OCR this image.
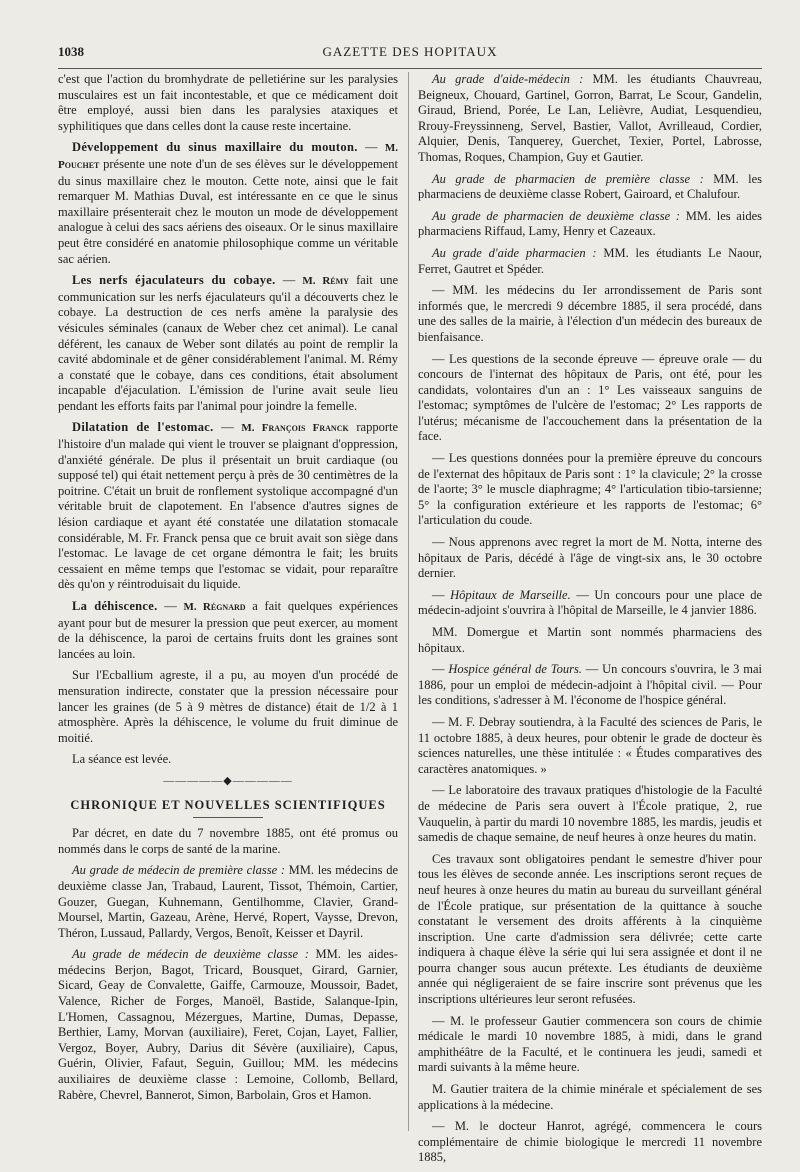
1038	GAZETTE DES HOPITAUX

c'est que l'action du bromhydrate de pelletiérine sur les paralysies musculaires est un fait incontestable, et que ce médicament doit être employé, aussi bien dans les paralysies ataxiques et syphilitiques que dans celles dont la cause reste incertaine.

Développement du sinus maxillaire du mouton. — M. Pouchet présente une note d'un de ses élèves sur le développement du sinus maxillaire chez le mouton. Cette note, ainsi que le fait remarquer M. Mathias Duval, est intéressante en ce que le sinus maxillaire présenterait chez le mouton un mode de développement analogue à celui des sacs aériens des oiseaux. Or le sinus maxillaire peut être considéré en anatomie philosophique comme un véritable sac aérien.

Les nerfs éjaculateurs du cobaye. — M. Rémy fait une communication sur les nerfs éjaculateurs qu'il a découverts chez le cobaye. La destruction de ces nerfs amène la paralysie des vésicules séminales (canaux de Weber chez cet animal). Le canal déférent, les canaux de Weber sont dilatés au point de remplir la cavité abdominale et de gêner considérablement l'animal. M. Rémy a constaté que le cobaye, dans ces conditions, était absolument incapable d'éjaculation. L'émission de l'urine avait seule lieu pendant les efforts faits par l'animal pour joindre la femelle.

Dilatation de l'estomac. — M. François Franck rapporte l'histoire d'un malade qui vient le trouver se plaignant d'oppression, d'anxiété générale. De plus il présentait un bruit cardiaque (ou supposé tel) qui était nettement perçu à près de 30 centimètres de la poitrine. C'était un bruit de ronflement systolique accompagné d'un véritable bruit de clapotement. En l'absence d'autres signes de lésion cardiaque et ayant été constatée une dilatation stomacale considérable, M. Fr. Franck pensa que ce bruit avait son siège dans l'estomac. Le lavage de cet organe démontra le fait; les bruits cessaient en même temps que l'estomac se vidait, pour reparaître dès qu'on y réintroduisait du liquide.

La déhiscence. — M. Régnard a fait quelques expériences ayant pour but de mesurer la pression que peut exercer, au moment de la déhiscence, la paroi de certains fruits dont les graines sont lancées au loin.

Sur l'Ecballium agreste, il a pu, au moyen d'un procédé de mensuration indirecte, constater que la pression nécessaire pour lancer les graines (de 5 à 9 mètres de distance) était de 1/2 à 1 atmosphère. Après la déhiscence, le volume du fruit diminue de moitié.

La séance est levée.

—————◆—————
CHRONIQUE ET NOUVELLES SCIENTIFIQUES

Par décret, en date du 7 novembre 1885, ont été promus ou nommés dans le corps de santé de la marine.

Au grade de médecin de première classe : MM. les médecins de deuxième classe Jan, Trabaud, Laurent, Tissot, Thémoin, Cartier, Gouzer, Guegan, Kuhnemann, Gentilhomme, Clavier, Grand-Moursel, Martin, Gazeau, Arène, Hervé, Ropert, Vaysse, Drevon, Théron, Lussaud, Pallardy, Vergos, Benoît, Keisser et Dayril.

Au grade de médecin de deuxième classe : MM. les aides-médecins Berjon, Bagot, Tricard, Bousquet, Girard, Garnier, Sicard, Geay de Convalette, Gaiffe, Carmouze, Moussoir, Badet, Valence, Richer de Forges, Manoël, Bastide, Salanque-Ipin, L'Homen, Cassagnou, Mézergues, Martine, Dumas, Depasse, Berthier, Lamy, Morvan (auxiliaire), Feret, Cojan, Layet, Fallier, Vergoz, Boyer, Aubry, Darius dit Sévère (auxiliaire), Capus, Guérin, Olivier, Fafaut, Seguin, Guillou; MM. les médecins auxiliaires de deuxième classe : Lemoine, Collomb, Bellard, Rabère, Chevrel, Bannerot, Simon, Barbolain, Gros et Hamon.

Au grade d'aide-médecin : MM. les étudiants Chauvreau, Beigneux, Chouard, Gartinel, Gorron, Barrat, Le Scour, Gandelin, Giraud, Briend, Porée, Le Lan, Lelièvre, Audiat, Lesquendieu, Rrouy-Freyssinneng, Servel, Bastier, Vallot, Avrilleaud, Cordier, Alquier, Denis, Tanquerey, Guerchet, Texier, Portel, Labrosse, Thomas, Roques, Champion, Guy et Gautier.

Au grade de pharmacien de première classe : MM. les pharmaciens de deuxième classe Robert, Gairoard, et Chalufour.

Au grade de pharmacien de deuxième classe : MM. les aides pharmaciens Riffaud, Lamy, Henry et Cazeaux.

Au grade d'aide pharmacien : MM. les étudiants Le Naour, Ferret, Gautret et Spéder.

— MM. les médecins du Ier arrondissement de Paris sont informés que, le mercredi 9 décembre 1885, il sera procédé, dans une des salles de la mairie, à l'élection d'un médecin des bureaux de bienfaisance.

— Les questions de la seconde épreuve — épreuve orale — du concours de l'internat des hôpitaux de Paris, ont été, pour les candidats, volontaires d'un an : 1° Les vaisseaux sanguins de l'estomac; symptômes de l'ulcère de l'estomac; 2° Les rapports de l'utérus; mécanisme de l'accouchement dans la présentation de la face.

— Les questions données pour la première épreuve du concours de l'externat des hôpitaux de Paris sont : 1° la clavicule; 2° la crosse de l'aorte; 3° le muscle diaphragme; 4° l'articulation tibio-tarsienne; 5° la configuration extérieure et les rapports de l'estomac; 6° l'articulation du coude.

— Nous apprenons avec regret la mort de M. Notta, interne des hôpitaux de Paris, décédé à l'âge de vingt-six ans, le 30 octobre dernier.

— Hôpitaux de Marseille. — Un concours pour une place de médecin-adjoint s'ouvrira à l'hôpital de Marseille, le 4 janvier 1886.

MM. Domergue et Martin sont nommés pharmaciens des hôpitaux.

— Hospice général de Tours. — Un concours s'ouvrira, le 3 mai 1886, pour un emploi de médecin-adjoint à l'hôpital civil. — Pour les conditions, s'adresser à M. l'économe de l'hospice général.

— M. F. Debray soutiendra, à la Faculté des sciences de Paris, le 11 octobre 1885, à deux heures, pour obtenir le grade de docteur ès sciences naturelles, une thèse intitulée : « Études comparatives des caractères anatomiques. »

— Le laboratoire des travaux pratiques d'histologie de la Faculté de médecine de Paris sera ouvert à l'École pratique, 2, rue Vauquelin, à partir du mardi 10 novembre 1885, les mardis, jeudis et samedis de chaque semaine, de neuf heures à onze heures du matin.

Ces travaux sont obligatoires pendant le semestre d'hiver pour tous les élèves de seconde année. Les inscriptions seront reçues de neuf heures à onze heures du matin au bureau du surveillant général de l'École pratique, sur présentation de la quittance à souche constatant le versement des droits afférents à la cinquième inscription. Une carte d'admission sera délivrée; cette carte indiquera à chaque élève la série qui lui sera assignée et dont il ne pourra changer sous aucun prétexte. Les étudiants de deuxième année qui négligeraient de se faire inscrire sont prévenus que les inscriptions ultérieures leur seront refusées.

— M. le professeur Gautier commencera son cours de chimie médicale le mardi 10 novembre 1885, à midi, dans le grand amphithéâtre de la Faculté, et le continuera les jeudi, samedi et mardi suivants à la même heure.

M. Gautier traitera de la chimie minérale et spécialement de ses applications à la médecine.

— M. le docteur Hanrot, agrégé, commencera le cours complémentaire de chimie biologique le mercredi 11 novembre 1885,
